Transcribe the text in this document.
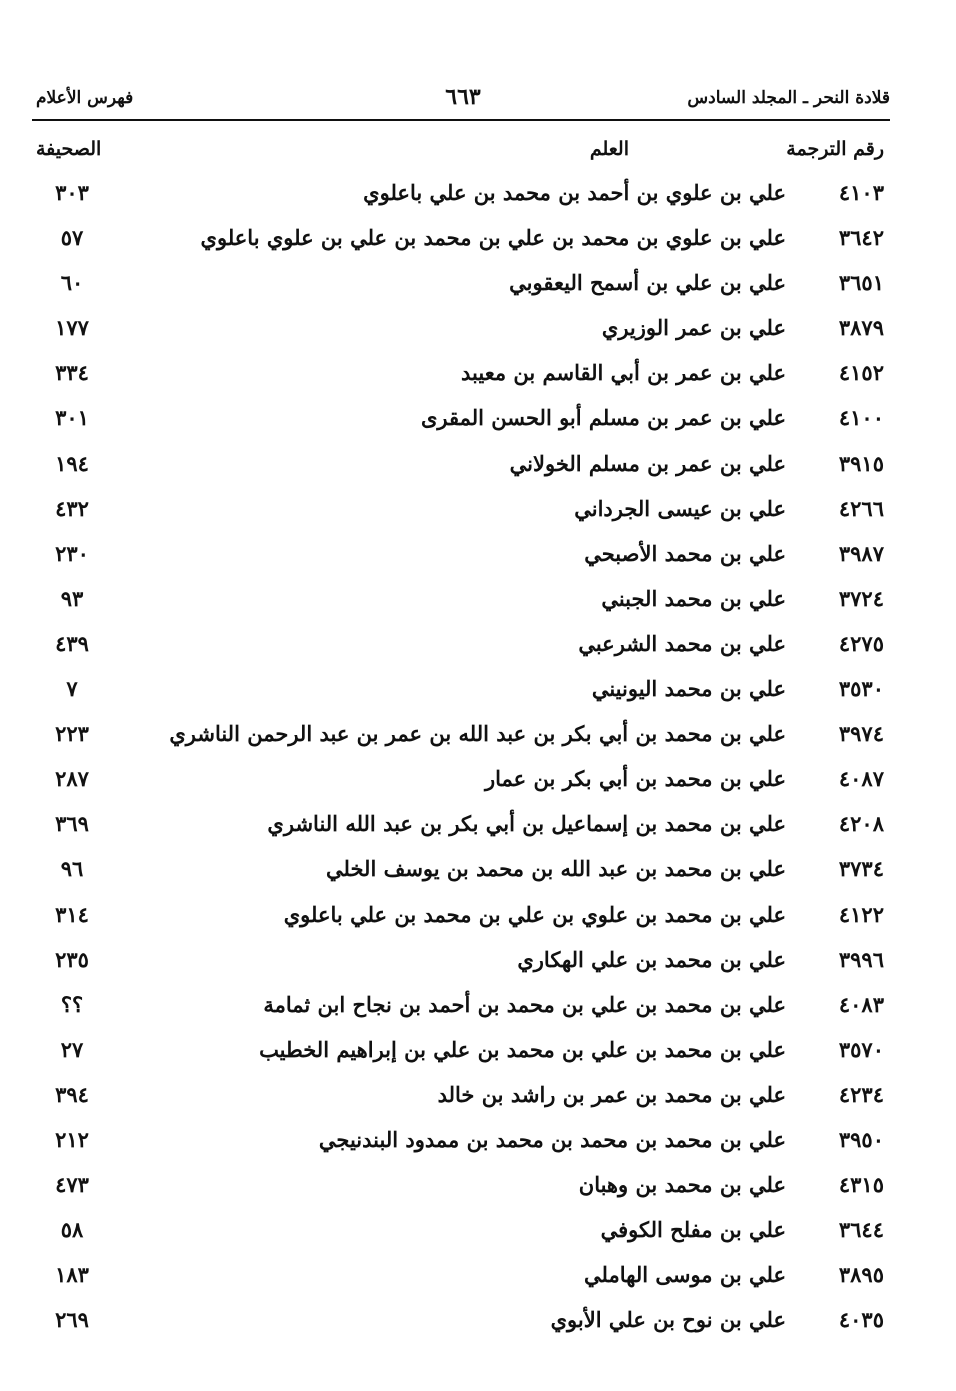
قلادة النحر ـ المجلد السادس
٦٦٣
فهرس الأعلام
رقم الترجمة
العلم
الصحيفة
٤١٠٣
علي بن علوي بن أحمد بن محمد بن علي باعلوي
٣٠٣
٣٦٤٢
علي بن علوي بن محمد بن علي بن محمد بن علي بن علوي باعلوي
٥٧
٣٦٥١
علي بن علي بن أسمح اليعقوبي
٦٠
٣٨٧٩
علي بن عمر الوزيري
١٧٧
٤١٥٢
علي بن عمر بن أبي القاسم بن معيبد
٣٣٤
٤١٠٠
علي بن عمر بن مسلم أبو الحسن المقرى
٣٠١
٣٩١٥
علي بن عمر بن مسلم الخولاني
١٩٤
٤٢٦٦
علي بن عيسى الجرداني
٤٣٢
٣٩٨٧
علي بن محمد الأصبحي
٢٣٠
٣٧٢٤
علي بن محمد الجبني
٩٣
٤٢٧٥
علي بن محمد الشرعبي
٤٣٩
٣٥٣٠
علي بن محمد اليونيني
٧
٣٩٧٤
علي بن محمد بن أبي بكر بن عبد الله بن عمر بن عبد الرحمن الناشري
٢٢٣
٤٠٨٧
علي بن محمد بن أبي بكر بن عمار
٢٨٧
٤٢٠٨
علي بن محمد بن إسماعيل بن أبي بكر بن عبد الله الناشري
٣٦٩
٣٧٣٤
علي بن محمد بن عبد الله بن محمد بن يوسف الخلي
٩٦
٤١٢٢
علي بن محمد بن علوي بن علي بن محمد بن علي باعلوي
٣١٤
٣٩٩٦
علي بن محمد بن علي الهكاري
٢٣٥
٤٠٨٣
علي بن محمد بن علي بن محمد بن أحمد بن نجاح ابن ثمامة
؟؟
٣٥٧٠
علي بن محمد بن علي بن محمد بن علي بن إبراهيم الخطيب
٢٧
٤٢٣٤
علي بن محمد بن عمر بن راشد بن خالد
٣٩٤
٣٩٥٠
علي بن محمد بن محمد بن محمد بن ممدود البندنيجي
٢١٢
٤٣١٥
علي بن محمد بن وهبان
٤٧٣
٣٦٤٤
علي بن مفلح الكوفي
٥٨
٣٨٩٥
علي بن موسى الهاملي
١٨٣
٤٠٣٥
علي بن نوح بن علي الأبوي
٢٦٩
